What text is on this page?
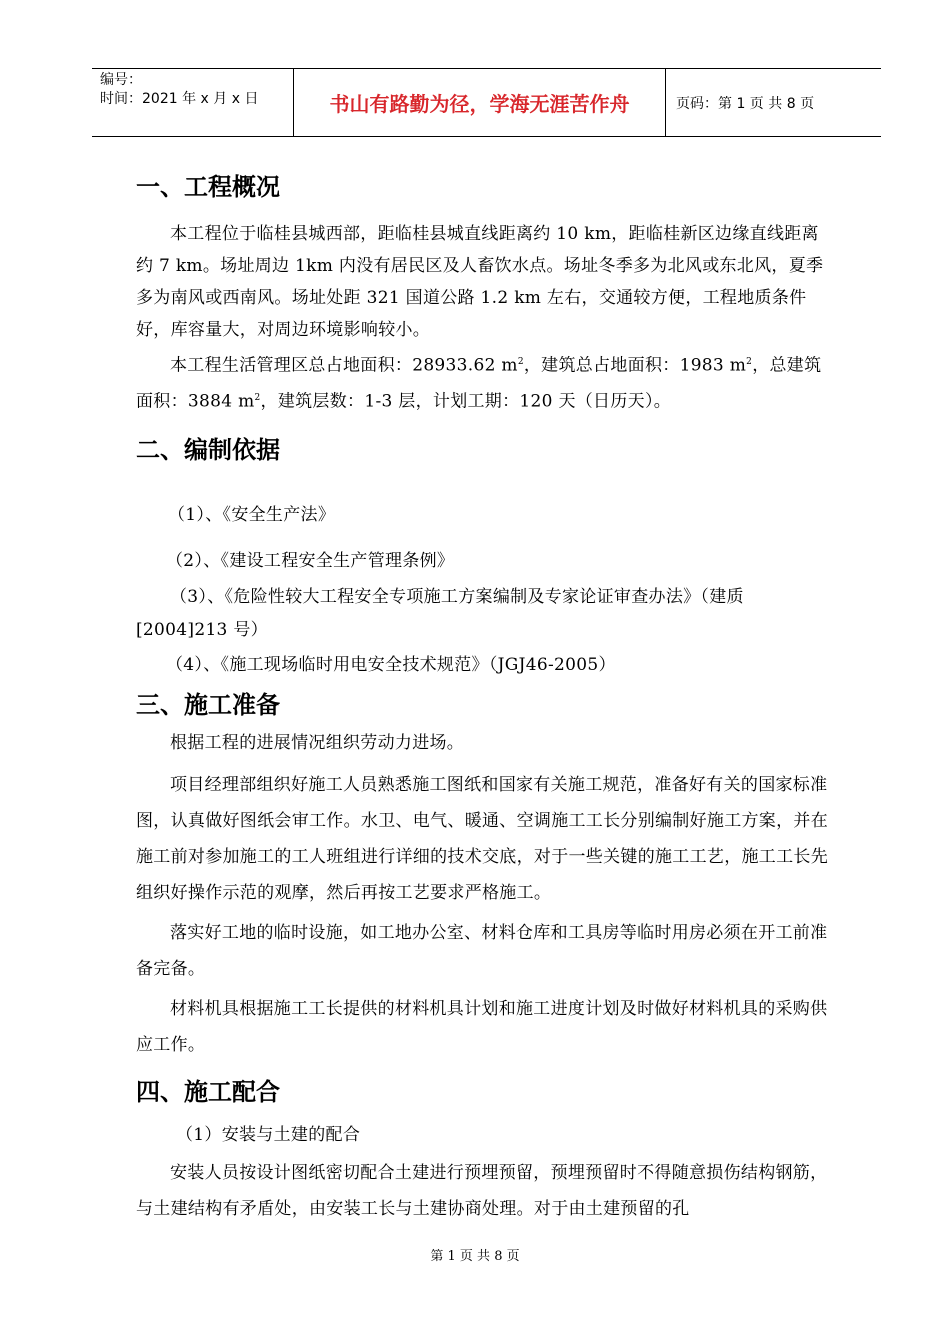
编号：
时间：2021 年 x 月 x 日	书山有路勤为径，学海无涯苦作舟	页码：第 1 页 共 8 页
一、工程概况

本工程位于临桂县城西部，距临桂县城直线距离约 10 km，距临桂新区边缘直线距离约 7 km。场址周边 1km 内没有居民区及人畜饮水点。场址冬季多为北风或东北风，夏季多为南风或西南风。场址处距 321 国道公路 1.2 km 左右，交通较方便，工程地质条件好，库容量大，对周边环境影响较小。

本工程生活管理区总占地面积：28933.62 $m^2$，建筑总占地面积：1983 $m^2$，总建筑面积：3884 $m^2$，建筑层数：1-3 层，计划工期：120 天（日历天）。

二、编制依据

（1）、《安全生产法》

（2）、《建设工程安全生产管理条例》

（3）、《危险性较大工程安全专项施工方案编制及专家论证审查办法》（建质

[2004]213 号）

（4）、《施工现场临时用电安全技术规范》（JGJ46-2005）

三、施工准备

根据工程的进展情况组织劳动力进场。

项目经理部组织好施工人员熟悉施工图纸和国家有关施工规范，准备好有关的国家标准图，认真做好图纸会审工作。水卫、电气、暖通、空调施工工长分别编制好施工方案，并在施工前对参加施工的工人班组进行详细的技术交底，对于一些关键的施工工艺，施工工长先组织好操作示范的观摩，然后再按工艺要求严格施工。

落实好工地的临时设施，如工地办公室、材料仓库和工具房等临时用房必须在开工前准备完备。

材料机具根据施工工长提供的材料机具计划和施工进度计划及时做好材料机具的采购供应工作。

四、施工配合

（1）安装与土建的配合

安装人员按设计图纸密切配合土建进行预埋预留，预埋预留时不得随意损伤结构钢筋，与土建结构有矛盾处，由安装工长与土建协商处理。对于由土建预留的孔

第 1 页 共 8 页
